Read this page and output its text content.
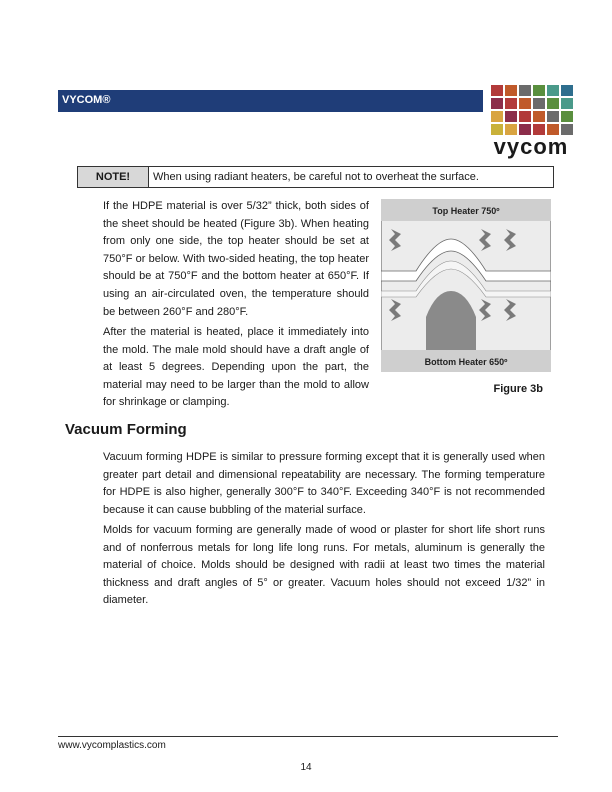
VYCOM®
vycom
NOTE!	When using radiant heaters, be careful not to overheat the surface.

If the HDPE material is over 5/32” thick, both sides of the sheet should be heated (Figure 3b). When heating from only one side, the top heater should be set at 750°F or below. With two-sided heating, the top heater should be at 750°F and the bottom heater at 650°F. If using an air-circulated oven, the temperature should be between 260°F and 280°F.

After the material is heated, place it immediately into the mold. The male mold should have a draft angle of at least 5 degrees. Depending upon the part, the material may need to be larger than the mold to allow for shrinkage or clamping.

Top Heater 750º
Bottom Heater 650º
Figure 3b
Vacuum Forming

Vacuum forming HDPE is similar to pressure forming except that it is generally used when greater part detail and dimensional repeatability are necessary. The forming temperature for HDPE is also higher, generally 300°F to 340°F. Exceeding 340°F is not recommended because it can cause bubbling of the material surface.

Molds for vacuum forming are generally made of wood or plaster for short life short runs and of nonferrous metals for long life long runs. For metals, aluminum is generally the material of choice. Molds should be designed with radii at least two times the material thickness and draft angles of 5° or greater. Vacuum holes should not exceed 1/32” in diameter.

www.vycomplastics.com
14
